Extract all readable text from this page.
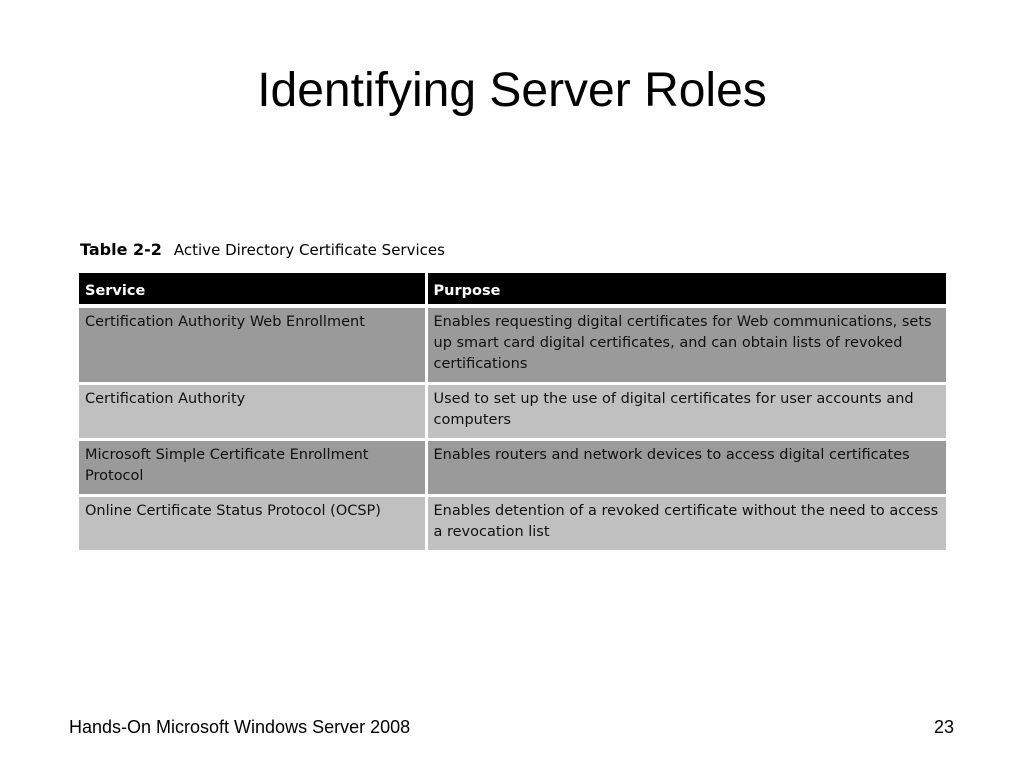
Identifying Server Roles
Table 2-2 Active Directory Certificate Services
Service	Purpose
Certification Authority Web Enrollment	Enables requesting digital certificates for Web communications, sets up smart card digital certificates, and can obtain lists of revoked certifications
Certification Authority	Used to set up the use of digital certificates for user accounts and computers
Microsoft Simple Certificate Enrollment Protocol	Enables routers and network devices to access digital certificates
Online Certificate Status Protocol (OCSP)	Enables detention of a revoked certificate without the need to access a revocation list
Hands-On Microsoft Windows Server 2008	23
